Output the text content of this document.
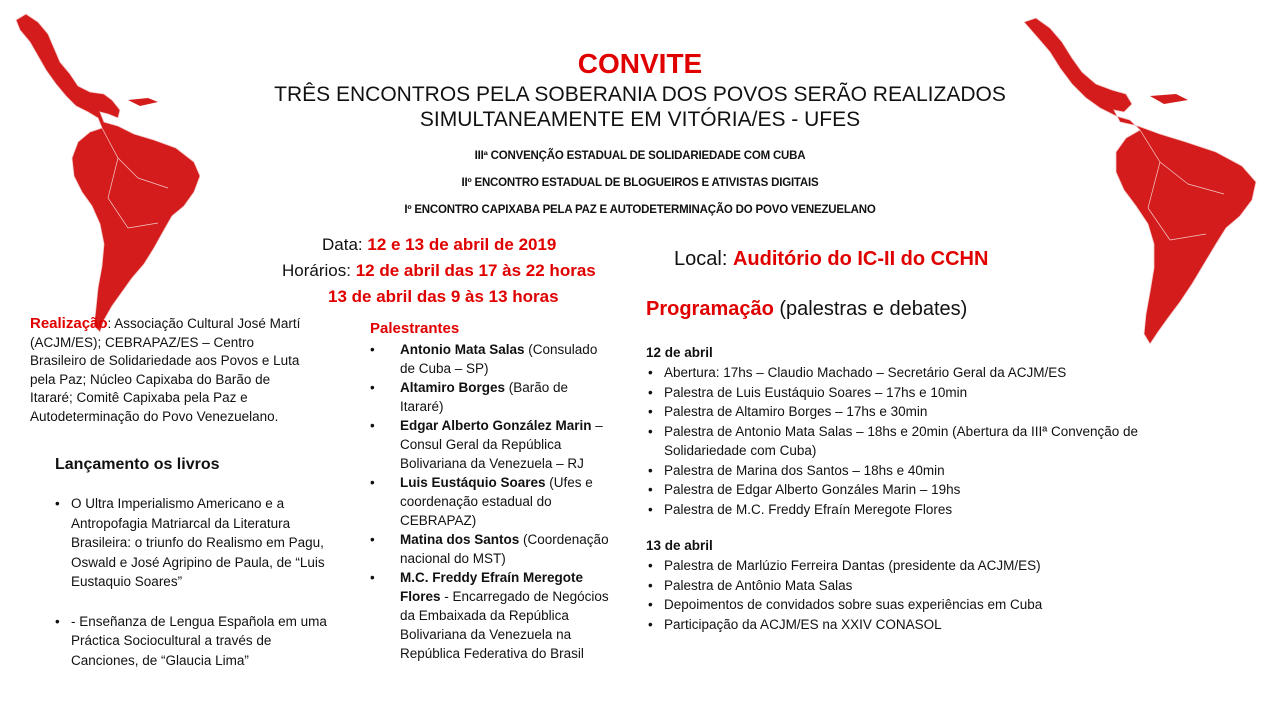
CONVITE
TRÊS ENCONTROS PELA SOBERANIA DOS POVOS SERÃO REALIZADOS SIMULTANEAMENTE EM VITÓRIA/ES - UFES
IIIª CONVENÇÃO ESTADUAL DE SOLIDARIEDADE COM CUBA
IIº ENCONTRO ESTADUAL DE BLOGUEIROS E ATIVISTAS DIGITAIS
Iº ENCONTRO CAPIXABA PELA PAZ E AUTODETERMINAÇÃO DO POVO VENEZUELANO
Data: 12 e 13 de abril de 2019
Horários: 12 de abril das 17 às 22 horas
13 de abril das 9 às 13 horas
Local: Auditório do IC-II do CCHN
Realização: Associação Cultural José Martí (ACJM/ES); CEBRAPAZ/ES – Centro Brasileiro de Solidariedade aos Povos e Luta pela Paz; Núcleo Capixaba do Barão de Itararé; Comitê Capixaba pela Paz e Autodeterminação do Povo Venezuelano.
Lançamento os livros
• O Ultra Imperialismo Americano e a Antropofagia Matriarcal da Literatura Brasileira: o triunfo do Realismo em Pagu, Oswald e José Agripino de Paula, de “Luis Eustaquio Soares”
• - Enseñanza de Lengua Española em uma Práctica Sociocultural a través de Canciones, de “Glaucia Lima”
Palestrantes
• Antonio Mata Salas (Consulado de Cuba – SP)
• Altamiro Borges (Barão de Itararé)
• Edgar Alberto González Marin – Consul Geral da República Bolivariana da Venezuela – RJ
• Luis Eustáquio Soares (Ufes e coordenação estadual do CEBRAPAZ)
• Matina dos Santos (Coordenação nacional do MST)
• M.C. Freddy Efraín Meregote Flores - Encarregado de Negócios da Embaixada da República Bolivariana da Venezuela na República Federativa do Brasil
Programação (palestras e debates)
12 de abril
• Abertura: 17hs – Claudio Machado – Secretário Geral da ACJM/ES
• Palestra de Luis Eustáquio Soares – 17hs e 10min
• Palestra de Altamiro Borges – 17hs e 30min
• Palestra de Antonio Mata Salas – 18hs e 20min (Abertura da IIIª Convenção de Solidariedade com Cuba)
• Palestra de Marina dos Santos – 18hs e 40min
• Palestra de Edgar Alberto Gonzáles Marin – 19hs
• Palestra de M.C. Freddy Efraín Meregote Flores
13 de abril
• Palestra de Marlúzio Ferreira Dantas (presidente da ACJM/ES)
• Palestra de Antônio Mata Salas
• Depoimentos de convidados sobre suas experiências em Cuba
• Participação da ACJM/ES na XXIV CONASOL
